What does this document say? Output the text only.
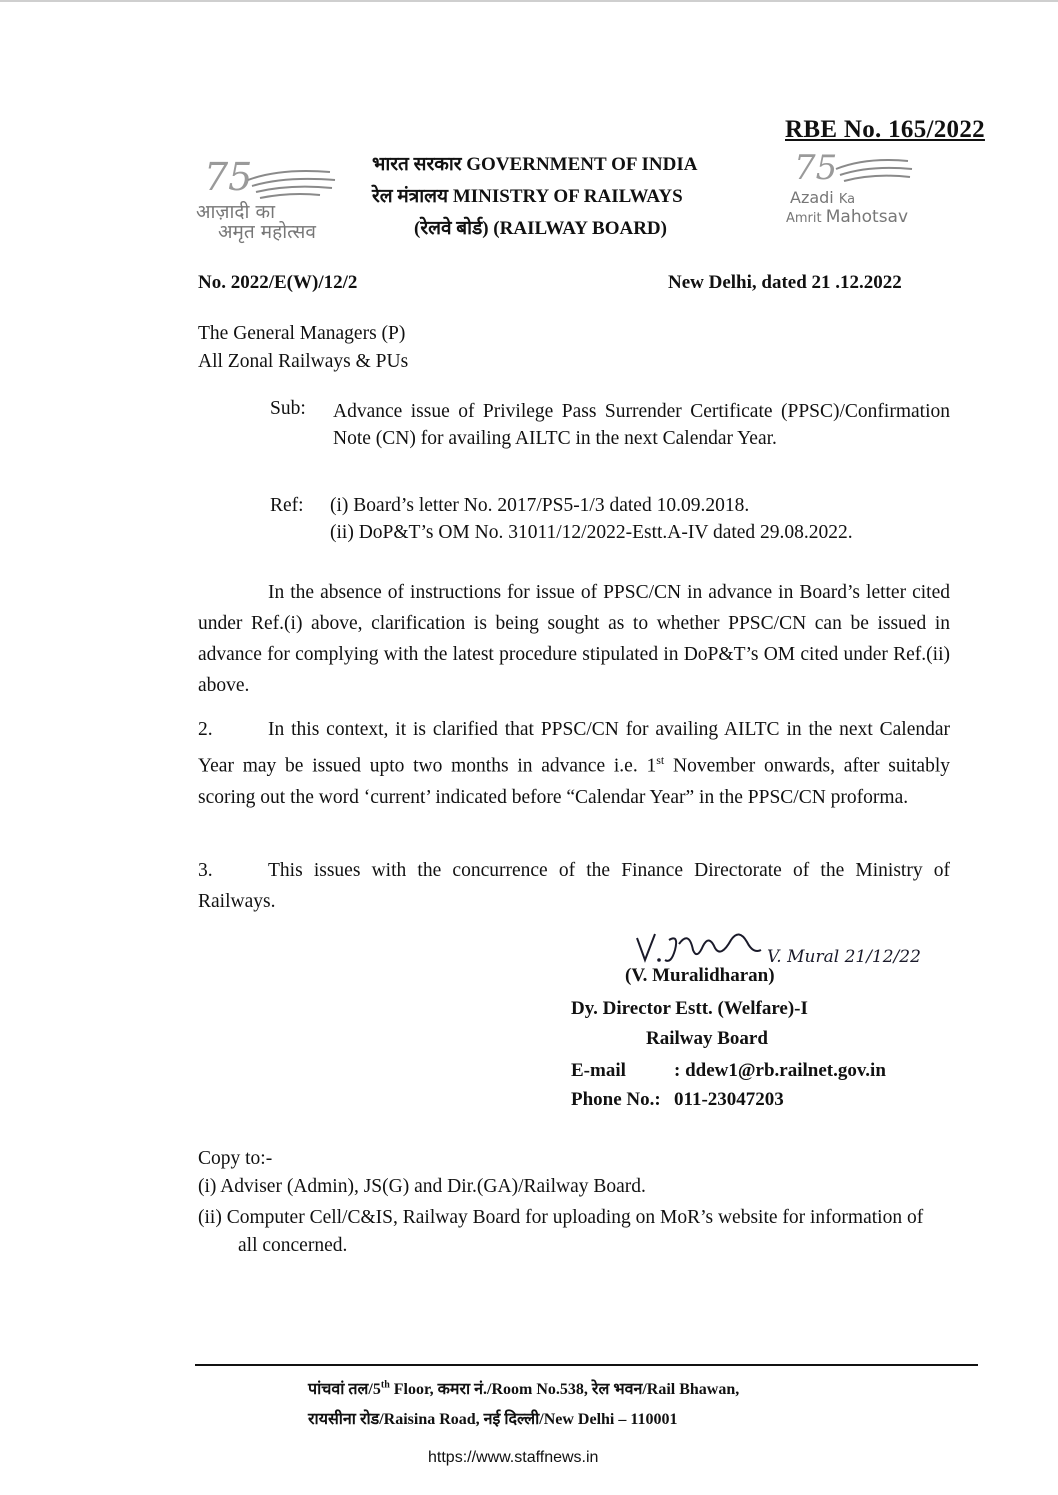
RBE No. 165/2022
75
आज़ादी का
अमृत महोत्सव
भारत सरकार GOVERNMENT OF INDIA
रेल मंत्रालय MINISTRY OF RAILWAYS
(रेलवे बोर्ड) (RAILWAY BOARD)
75
Azadi Ka
Amrit Mahotsav
No. 2022/E(W)/12/2	New Delhi, dated 21 .12.2022
The General Managers (P)
All Zonal Railways & PUs
Sub: Advance issue of Privilege Pass Surrender Certificate (PPSC)/Confirmation Note (CN) for availing AILTC in the next Calendar Year.
Ref: (i) Board’s letter No. 2017/PS5-1/3 dated 10.09.2018.
(ii) DoP&T’s OM No. 31011/12/2022-Estt.A-IV dated 29.08.2022.
In the absence of instructions for issue of PPSC/CN in advance in Board’s letter cited under Ref.(i) above, clarification is being sought as to whether PPSC/CN can be issued in advance for complying with the latest procedure stipulated in DoP&T’s OM cited under Ref.(ii) above.
2.	In this context, it is clarified that PPSC/CN for availing AILTC in the next Calendar Year may be issued upto two months in advance i.e. 1st November onwards, after suitably scoring out the word ‘current’ indicated before “Calendar Year” in the PPSC/CN proforma.
3.	This issues with the concurrence of the Finance Directorate of the Ministry of Railways.
V. Mural 21/12/22
(V. Muralidharan)
Dy. Director Estt. (Welfare)-I
Railway Board
E-mail	: ddew1@rb.railnet.gov.in
Phone No.: 011-23047203
Copy to:-
(i) Adviser (Admin), JS(G) and Dir.(GA)/Railway Board.
(ii) Computer Cell/C&IS, Railway Board for uploading on MoR’s website for information of all concerned.
पांचवां तल/5th Floor, कमरा नं./Room No.538, रेल भवन/Rail Bhawan,
रायसीना रोड/Raisina Road, नई दिल्ली/New Delhi – 110001
https://www.staffnews.in
